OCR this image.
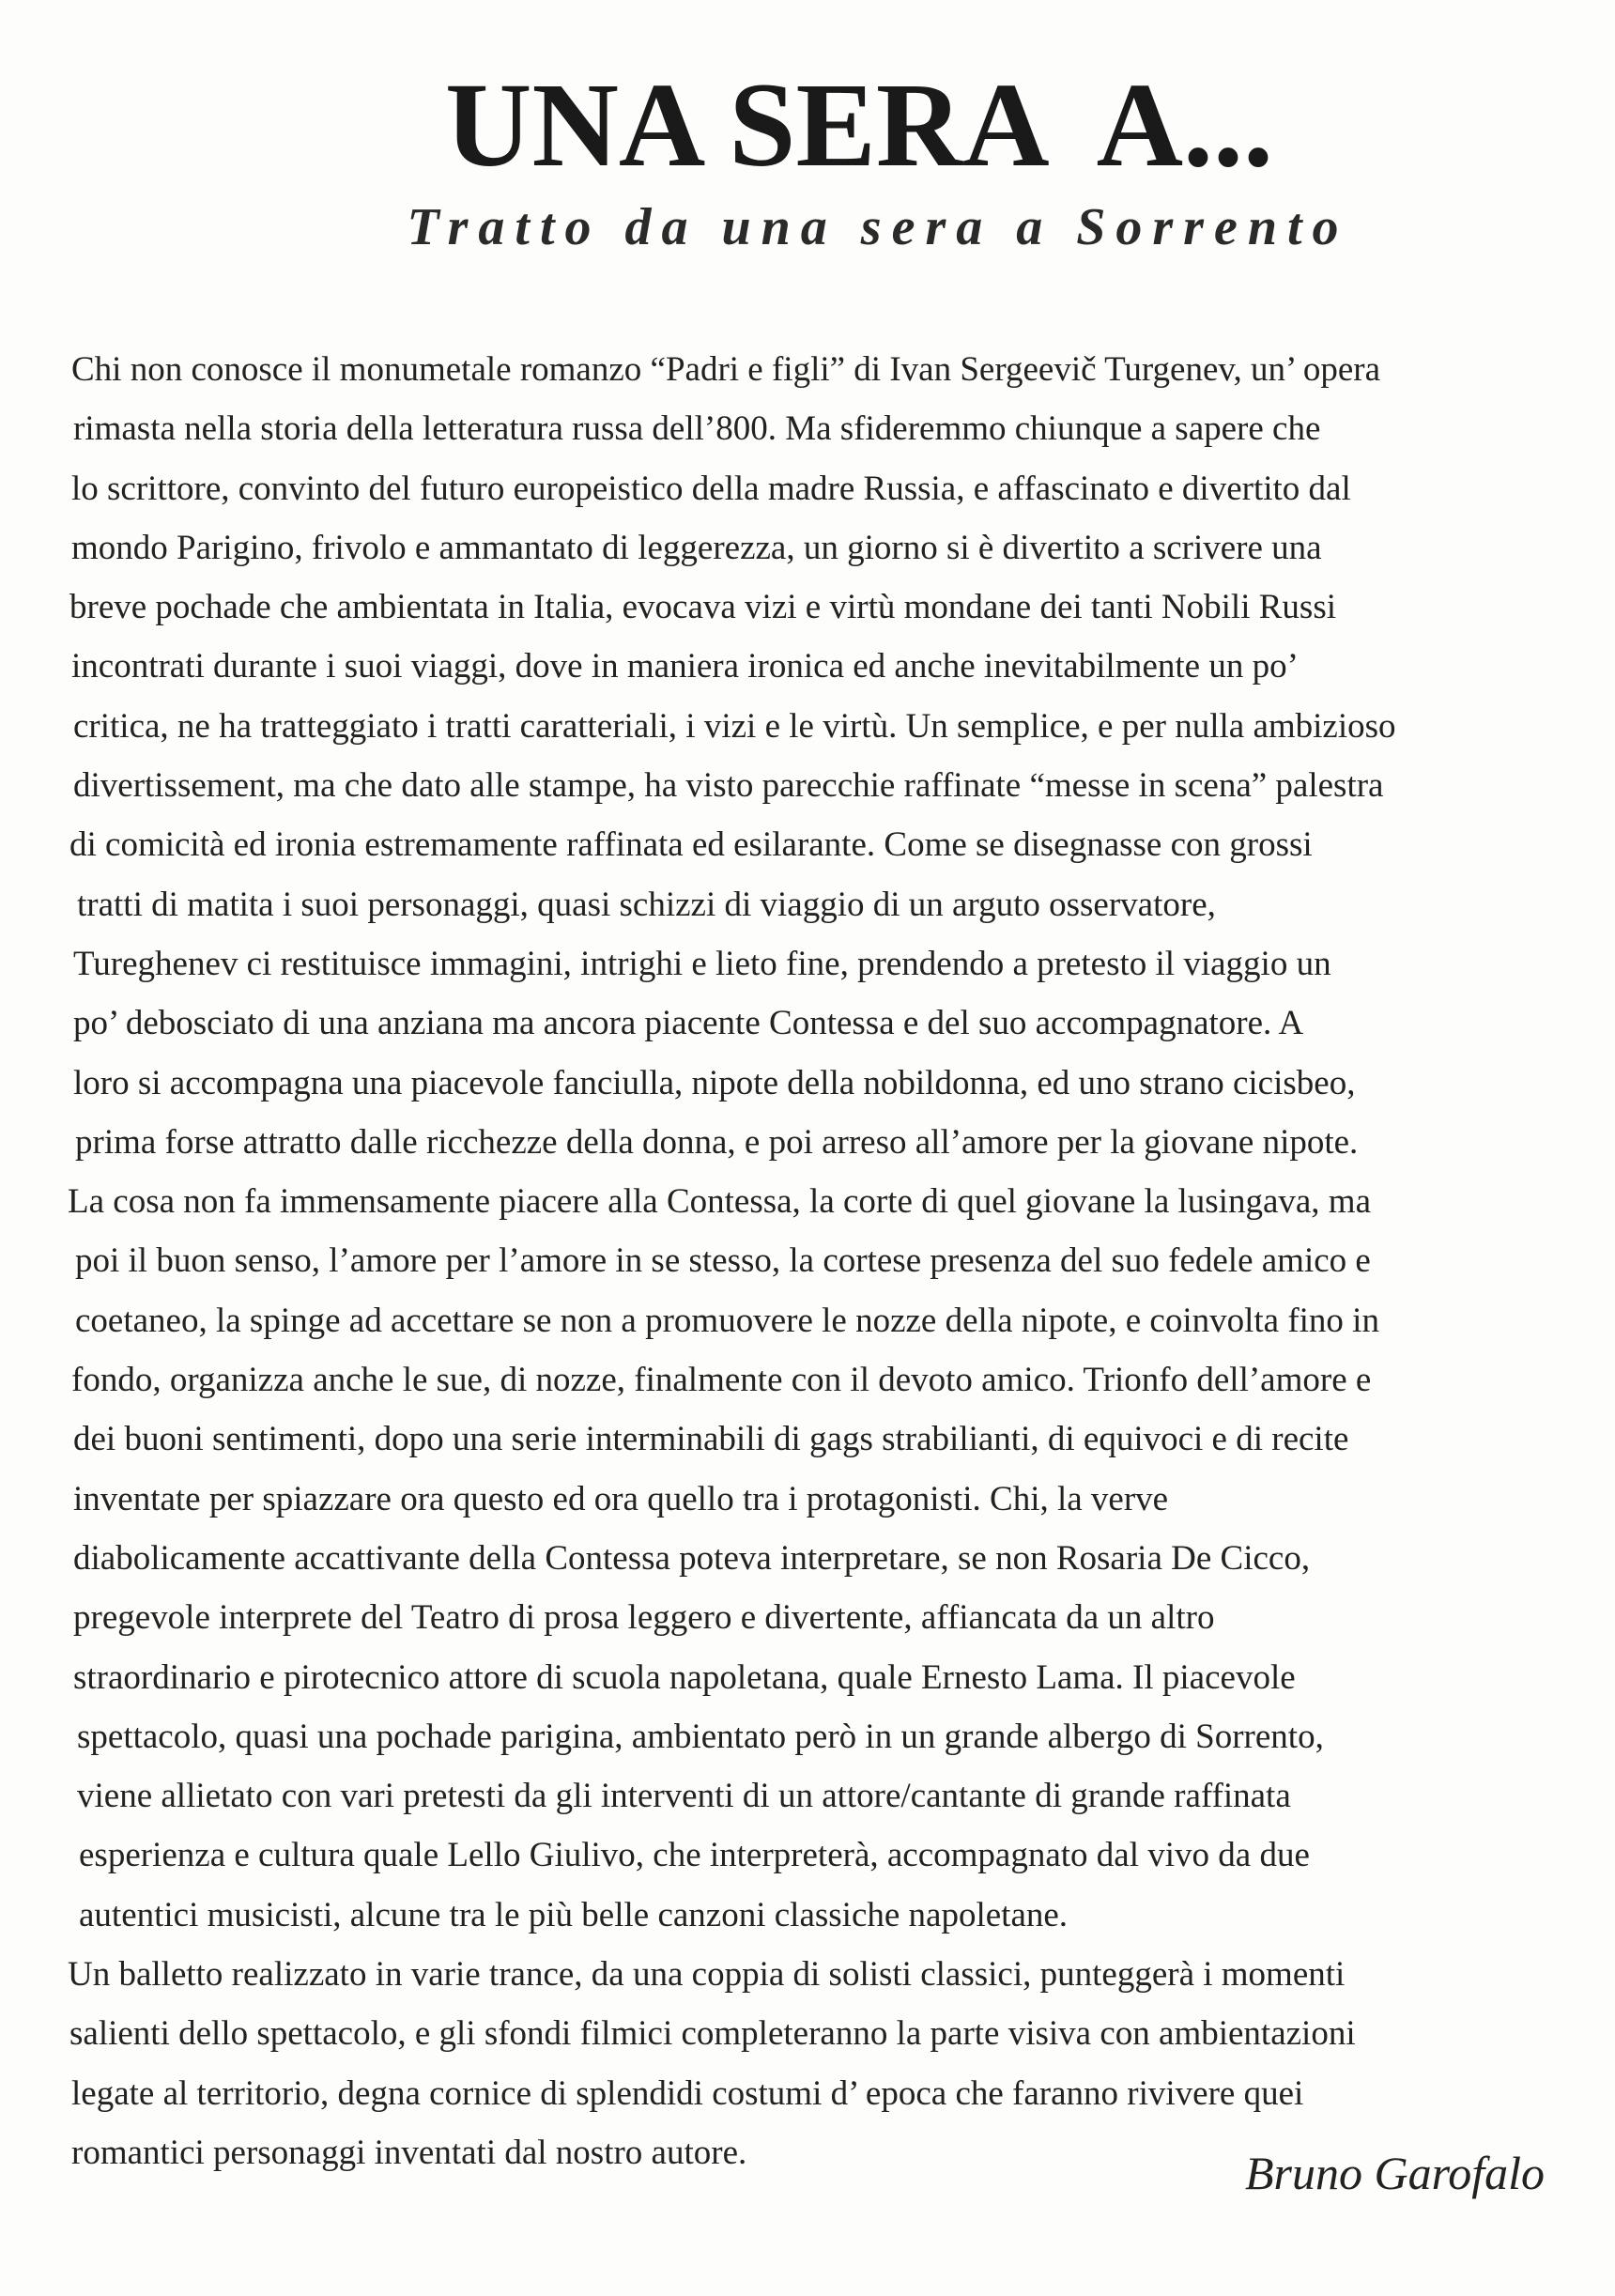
UNA SERA  A...
Tratto da una sera a Sorrento
Chi non conosce il monumetale romanzo “Padri e figli” di Ivan Sergeevič Turgenev, un’ opera
rimasta nella storia della letteratura russa dell’800. Ma sfideremmo chiunque a sapere che
lo scrittore, convinto del futuro europeistico della madre Russia, e affascinato e divertito dal
mondo Parigino, frivolo e ammantato di leggerezza, un giorno si è divertito a scrivere una
breve pochade che ambientata in Italia, evocava vizi e virtù mondane dei tanti Nobili Russi
incontrati durante i suoi viaggi, dove in maniera ironica ed anche inevitabilmente un po’
critica, ne ha tratteggiato i tratti caratteriali, i vizi e le virtù. Un semplice, e per nulla ambizioso
divertissement, ma che dato alle stampe, ha visto parecchie raffinate “messe in scena” palestra
di comicità ed ironia estremamente raffinata ed esilarante. Come se disegnasse con grossi
tratti di matita i suoi personaggi, quasi schizzi di viaggio di un arguto osservatore,
Tureghenev ci restituisce immagini, intrighi e lieto fine, prendendo a pretesto il viaggio un
po’ debosciato di una anziana ma ancora piacente Contessa e del suo accompagnatore. A
loro si accompagna una piacevole fanciulla, nipote della nobildonna, ed uno strano cicisbeo,
prima forse attratto dalle ricchezze della donna, e poi arreso all’amore per la giovane nipote.
La cosa non fa immensamente piacere alla Contessa, la corte di quel giovane la lusingava, ma
poi il buon senso, l’amore per l’amore in se stesso, la cortese presenza del suo fedele amico e
coetaneo, la spinge ad accettare se non a promuovere le nozze della nipote, e coinvolta fino in
fondo, organizza anche le sue, di nozze, finalmente con il devoto amico. Trionfo dell’amore e
dei buoni sentimenti, dopo una serie interminabili di gags strabilianti, di equivoci e di recite
inventate per spiazzare ora questo ed ora quello tra i protagonisti. Chi, la verve
diabolicamente accattivante della Contessa poteva interpretare, se non Rosaria De Cicco,
pregevole interprete del Teatro di prosa leggero e divertente, affiancata da un altro
straordinario e pirotecnico attore di scuola napoletana, quale Ernesto Lama. Il piacevole
spettacolo, quasi una pochade parigina, ambientato però in un grande albergo di Sorrento,
viene allietato con vari pretesti da gli interventi di un attore/cantante di grande raffinata
esperienza e cultura quale Lello Giulivo, che interpreterà, accompagnato dal vivo da due
autentici musicisti, alcune tra le più belle canzoni classiche napoletane.
Un balletto realizzato in varie trance, da una coppia di solisti classici, punteggerà i momenti
salienti dello spettacolo, e gli sfondi filmici completeranno la parte visiva con ambientazioni
legate al territorio, degna cornice di splendidi costumi d’ epoca che faranno rivivere quei
romantici personaggi inventati dal nostro autore.	Bruno Garofalo
